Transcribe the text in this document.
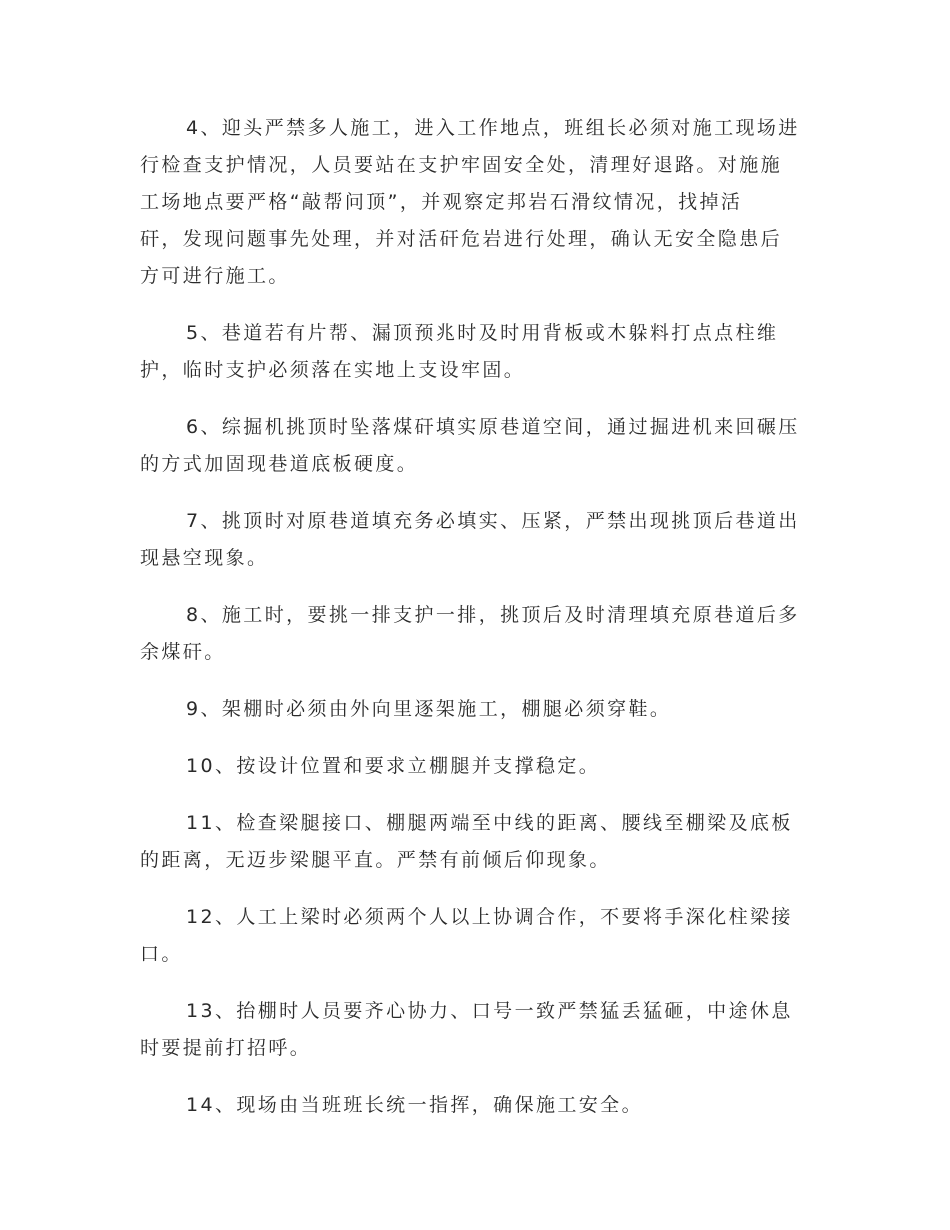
4、迎头严禁多人施工，进入工作地点，班组长必须对施工现场进
行检查支护情况，人员要站在支护牢固安全处，清理好退路。对施施
工场地点要严格“敲帮问顶”，并观察定邦岩石滑纹情况，找掉活
矸，发现问题事先处理，并对活矸危岩进行处理，确认无安全隐患后
方可进行施工。

5、巷道若有片帮、漏顶预兆时及时用背板或木躲料打点点柱维
护，临时支护必须落在实地上支设牢固。

6、综掘机挑顶时坠落煤矸填实原巷道空间，通过掘进机来回碾压
的方式加固现巷道底板硬度。

7、挑顶时对原巷道填充务必填实、压紧，严禁出现挑顶后巷道出
现悬空现象。

8、施工时，要挑一排支护一排，挑顶后及时清理填充原巷道后多
余煤矸。

9、架棚时必须由外向里逐架施工，棚腿必须穿鞋。

10、按设计位置和要求立棚腿并支撑稳定。

11、检查梁腿接口、棚腿两端至中线的距离、腰线至棚梁及底板
的距离，无迈步梁腿平直。严禁有前倾后仰现象。

12、人工上梁时必须两个人以上协调合作，不要将手深化柱梁接
口。

13、抬棚时人员要齐心协力、口号一致严禁猛丢猛砸，中途休息
时要提前打招呼。

14、现场由当班班长统一指挥，确保施工安全。
